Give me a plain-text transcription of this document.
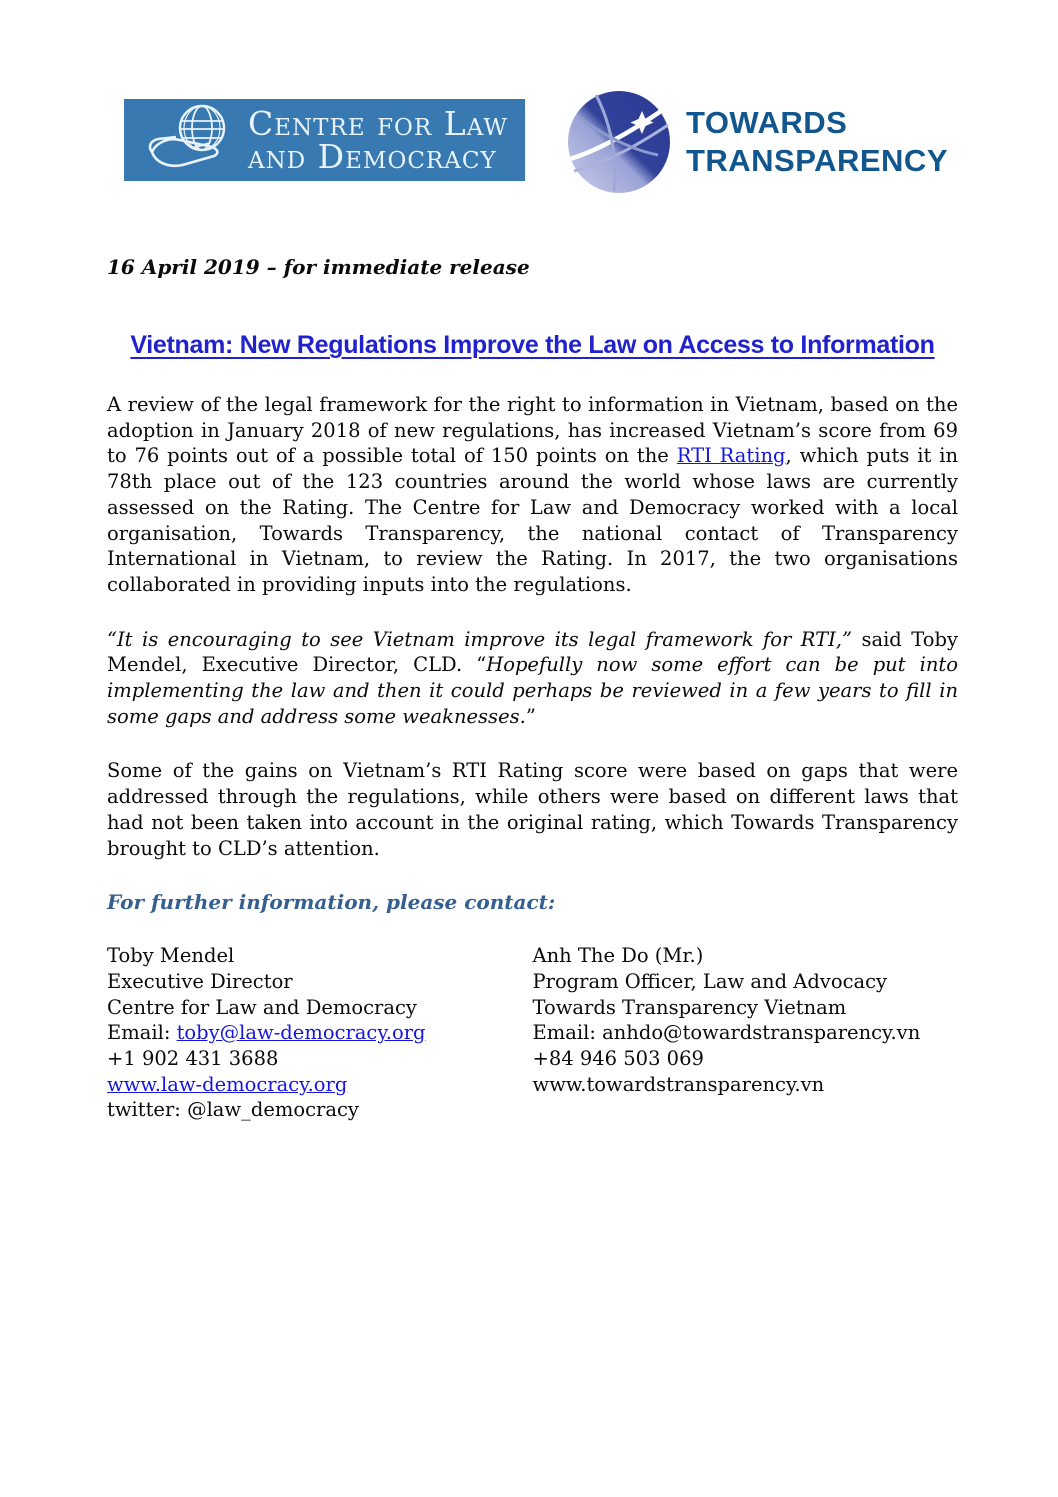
Centre for Law
and Democracy
TOWARDS
TRANSPARENCY
16 April 2019 – for immediate release
Vietnam: New Regulations Improve the Law on Access to Information
A review of the legal framework for the right to information in Vietnam, based on the adoption in January 2018 of new regulations, has increased Vietnam’s score from 69 to 76 points out of a possible total of 150 points on the RTI Rating, which puts it in 78th place out of the 123 countries around the world whose laws are currently assessed on the Rating. The Centre for Law and Democracy worked with a local organisation, Towards Transparency, the national contact of Transparency International in Vietnam, to review the Rating. In 2017, the two organisations collaborated in providing inputs into the regulations.
“It is encouraging to see Vietnam improve its legal framework for RTI,” said Toby Mendel, Executive Director, CLD. “Hopefully now some effort can be put into implementing the law and then it could perhaps be reviewed in a few years to fill in some gaps and address some weaknesses.”
Some of the gains on Vietnam’s RTI Rating score were based on gaps that were addressed through the regulations, while others were based on different laws that had not been taken into account in the original rating, which Towards Transparency brought to CLD’s attention.
For further information, please contact:
Toby Mendel
Executive Director
Centre for Law and Democracy
Email: toby@law-democracy.org
+1 902 431 3688
www.law-democracy.org
twitter: @law_democracy
Anh The Do (Mr.)
Program Officer, Law and Advocacy
Towards Transparency Vietnam
Email: anhdo@towardstransparency.vn
+84 946 503 069
www.towardstransparency.vn
